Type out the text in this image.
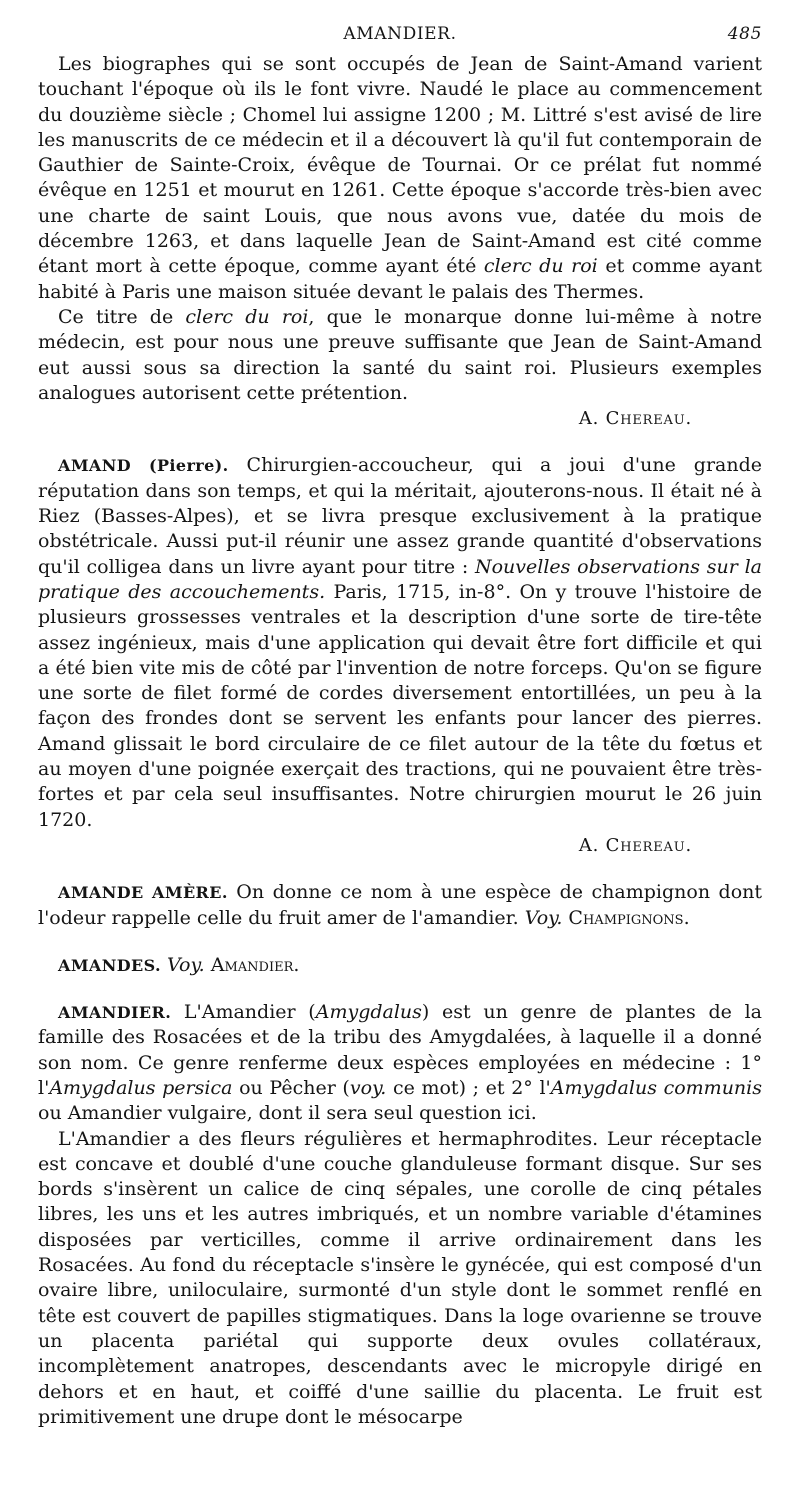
AMANDIER.	485

Les biographes qui se sont occupés de Jean de Saint-Amand varient touchant l'époque où ils le font vivre. Naudé le place au commencement du douzième siècle ; Chomel lui assigne 1200 ; M. Littré s'est avisé de lire les manuscrits de ce médecin et il a découvert là qu'il fut contemporain de Gauthier de Sainte-Croix, évêque de Tournai. Or ce prélat fut nommé évêque en 1251 et mourut en 1261. Cette époque s'accorde très-bien avec une charte de saint Louis, que nous avons vue, datée du mois de décembre 1263, et dans laquelle Jean de Saint-Amand est cité comme étant mort à cette époque, comme ayant été clerc du roi et comme ayant habité à Paris une maison située devant le palais des Thermes.

Ce titre de clerc du roi, que le monarque donne lui-même à notre médecin, est pour nous une preuve suffisante que Jean de Saint-Amand eut aussi sous sa direction la santé du saint roi. Plusieurs exemples analogues autorisent cette prétention.

A. Chereau.

AMAND (Pierre). Chirurgien-accoucheur, qui a joui d'une grande réputation dans son temps, et qui la méritait, ajouterons-nous. Il était né à Riez (Basses-Alpes), et se livra presque exclusivement à la pratique obstétricale. Aussi put-il réunir une assez grande quantité d'observations qu'il colligea dans un livre ayant pour titre : Nouvelles observations sur la pratique des accouchements. Paris, 1715, in-8°. On y trouve l'histoire de plusieurs grossesses ventrales et la description d'une sorte de tire-tête assez ingénieux, mais d'une application qui devait être fort difficile et qui a été bien vite mis de côté par l'invention de notre forceps. Qu'on se figure une sorte de filet formé de cordes diversement entortillées, un peu à la façon des frondes dont se servent les enfants pour lancer des pierres. Amand glissait le bord circulaire de ce filet autour de la tête du fœtus et au moyen d'une poignée exerçait des tractions, qui ne pouvaient être très-fortes et par cela seul insuffisantes. Notre chirurgien mourut le 26 juin 1720.

A. Chereau.

AMANDE AMÈRE. On donne ce nom à une espèce de champignon dont l'odeur rappelle celle du fruit amer de l'amandier. Voy. Champignons.

AMANDES. Voy. Amandier.

AMANDIER. L'Amandier (Amygdalus) est un genre de plantes de la famille des Rosacées et de la tribu des Amygdalées, à laquelle il a donné son nom. Ce genre renferme deux espèces employées en médecine : 1° l'Amygdalus persica ou Pêcher (voy. ce mot) ; et 2° l'Amygdalus communis ou Amandier vulgaire, dont il sera seul question ici.

L'Amandier a des fleurs régulières et hermaphrodites. Leur réceptacle est concave et doublé d'une couche glanduleuse formant disque. Sur ses bords s'insèrent un calice de cinq sépales, une corolle de cinq pétales libres, les uns et les autres imbriqués, et un nombre variable d'étamines disposées par verticilles, comme il arrive ordinairement dans les Rosacées. Au fond du réceptacle s'insère le gynécée, qui est composé d'un ovaire libre, uniloculaire, surmonté d'un style dont le sommet renflé en tête est couvert de papilles stigmatiques. Dans la loge ovarienne se trouve un placenta pariétal qui supporte deux ovules collatéraux, incomplètement anatropes, descendants avec le micropyle dirigé en dehors et en haut, et coiffé d'une saillie du placenta. Le fruit est primitivement une drupe dont le mésocarpe
